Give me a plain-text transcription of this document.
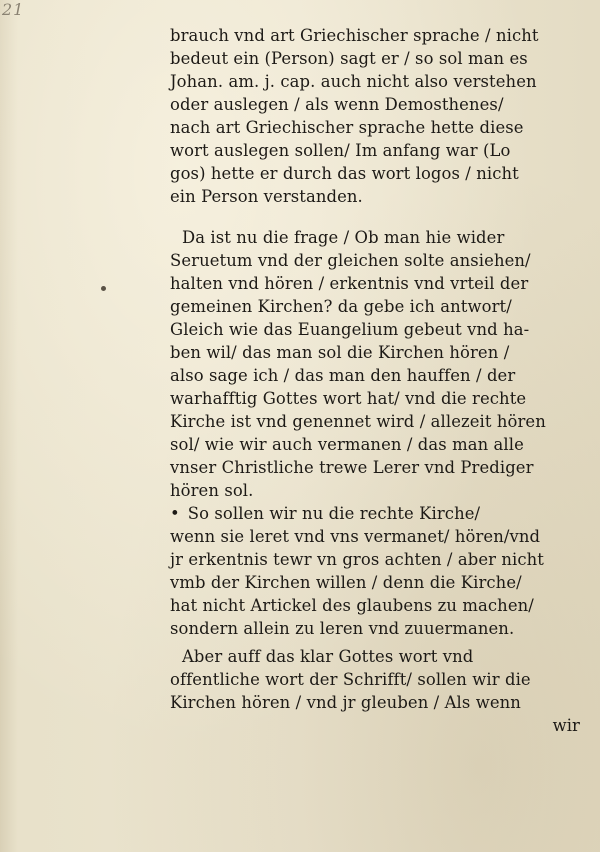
21
brauch vnd art Griechischer sprache / nicht
bedeut ein (Person) sagt er / so sol man es
Johan. am. j. cap. auch nicht also verstehen
oder auslegen / als wenn Demosthenes/
nach art Griechischer sprache hette diese
wort auslegen sollen/ Im anfang war (Lo
gos) hette er durch das wort logos / nicht
ein Person verstanden.
Da ist nu die frage / Ob man hie wider
Seruetum vnd der gleichen solte ansiehen/
halten vnd hören / erkentnis vnd vrteil der
gemeinen Kirchen? da gebe ich antwort/
Gleich wie das Euangelium gebeut vnd ha-
ben wil/ das man sol die Kirchen hören /
also sage ich / das man den hauffen / der
warhafftig Gottes wort hat/ vnd die rechte
Kirche ist vnd genennet wird / allezeit hören
sol/ wie wir auch vermanen / das man alle
vnser Christliche trewe Lerer vnd Prediger
hören sol.
• So sollen wir nu die rechte Kirche/
wenn sie leret vnd vns vermanet/ hören/vnd
jr erkentnis tewr vn gros achten / aber nicht
vmb der Kirchen willen / denn die Kirche/
hat nicht Artickel des glaubens zu machen/
sondern allein zu leren vnd zuuermanen.
Aber auff das klar Gottes wort vnd
offentliche wort der Schrifft/ sollen wir die
Kirchen hören / vnd jr gleuben / Als wenn
wir
